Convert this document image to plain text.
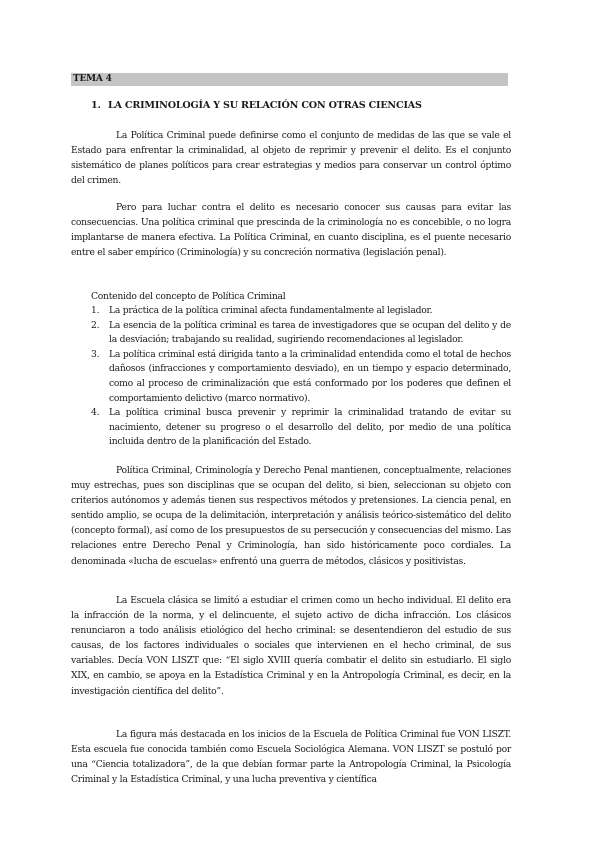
TEMA 4
1. LA CRIMINOLOGÍA Y SU RELACIÓN CON OTRAS CIENCIAS

La Política Criminal puede definirse como el conjunto de medidas de las que se vale el Estado para enfrentar la criminalidad, al objeto de reprimir y prevenir el delito. Es el conjunto sistemático de planes políticos para crear estrategias y medios para conservar un control óptimo del crimen.

Pero para luchar contra el delito es necesario conocer sus causas para evitar las consecuencias. Una política criminal que prescinda de la criminología no es concebible, o no logra implantarse de manera efectiva. La Política Criminal, en cuanto disciplina, es el puente necesario entre el saber empírico (Criminología) y su concreción normativa (legislación penal).

Contenido del concepto de Política Criminal
1. La práctica de la política criminal afecta fundamentalmente al legislador.
2. La esencia de la política criminal es tarea de investigadores que se ocupan del delito y de la desviación; trabajando su realidad, sugiriendo recomendaciones al legislador.
3. La política criminal está dirigida tanto a la criminalidad entendida como el total de hechos dañosos (infracciones y comportamiento desviado), en un tiempo y espacio determinado, como al proceso de criminalización que está conformado por los poderes que definen el comportamiento delictivo (marco normativo).
4. La política criminal busca prevenir y reprimir la criminalidad tratando de evitar su nacimiento, detener su progreso o el desarrollo del delito, por medio de una política incluida dentro de la planificación del Estado.

Política Criminal, Criminología y Derecho Penal mantienen, conceptualmente, relaciones muy estrechas, pues son disciplinas que se ocupan del delito, si bien, seleccionan su objeto con criterios autónomos y además tienen sus respectivos métodos y pretensiones. La ciencia penal, en sentido amplio, se ocupa de la delimitación, interpretación y análisis teórico-sistemático del delito (concepto formal), así como de los presupuestos de su persecución y consecuencias del mismo. Las relaciones entre Derecho Penal y Criminología, han sido históricamente poco cordiales. La denominada «lucha de escuelas» enfrentó una guerra de métodos, clásicos y positivistas.

La Escuela clásica se limitó a estudiar el crimen como un hecho individual. El delito era la infracción de la norma, y el delincuente, el sujeto activo de dicha infracción. Los clásicos renunciaron a todo análisis etiológico del hecho criminal: se desentendieron del estudio de sus causas, de los factores individuales o sociales que intervienen en el hecho criminal, de sus variables. Decía VON LISZT que: “El siglo XVIII quería combatir el delito sin estudiarlo. El siglo XIX, en cambio, se apoya en la Estadística Criminal y en la Antropología Criminal, es decir, en la investigación científica del delito”.

La figura más destacada en los inicios de la Escuela de Política Criminal fue VON LISZT. Esta escuela fue conocida también como Escuela Sociológica Alemana. VON LISZT se postuló por una “Ciencia totalizadora”, de la que debían formar parte la Antropología Criminal, la Psicología Criminal y la Estadística Criminal, y una lucha preventiva y científica
